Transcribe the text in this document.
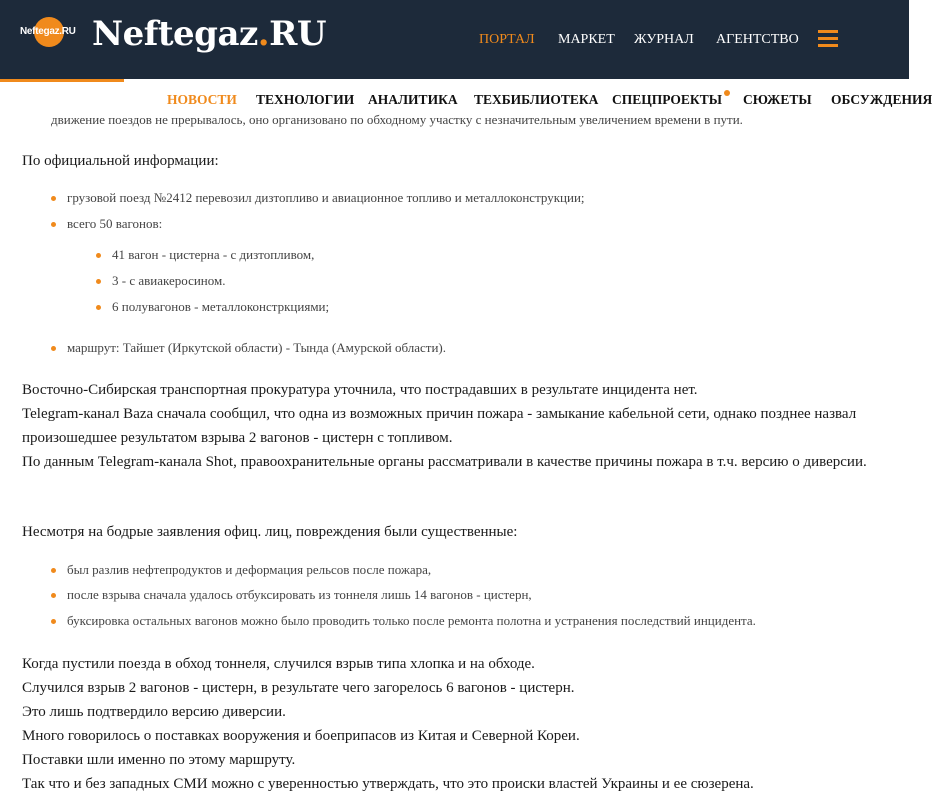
Neftegaz.RU Neftegaz.RU	ПОРТАЛ МАРКЕТ ЖУРНАЛ АГЕНТСТВО
НОВОСТИ ТЕХНОЛОГИИ АНАЛИТИКА ТЕХБИБЛИОТЕКА СПЕЦПРОЕКТЫ	СЮЖЕТЫ ОБСУЖДЕНИЯ
движение поездов не прерывалось, оно организовано по обходному участку с незначительным увеличением времени в пути.
По официальной информации:
грузовой поезд №2412 перевозил дизтопливо и авиационное топливо и металлоконструкции;
всего 50 вагонов:
41 вагон - цистерна - с дизтопливом,
3 - с авиакеросином.
6 полувагонов - металлоконстркциями;
маршрут: Тайшет (Иркутской области) - Тында (Амурской области).
Восточно-Сибирская транспортная прокуратура уточнила, что пострадавших в результате инцидента нет.
Telegram-канал Baza сначала сообщил, что одна из возможных причин пожара - замыкание кабельной сети, однако позднее назвал произошедшее результатом взрыва 2 вагонов - цистерн с топливом.
По данным Telegram-канала Shot, правоохранительные органы рассматривали в качестве причины пожара в т.ч. версию о диверсии.
Несмотря на бодрые заявления офиц. лиц, повреждения были существенные:
был разлив нефтепродуктов и деформация рельсов после пожара,
после взрыва сначала удалось отбуксировать из тоннеля лишь 14 вагонов - цистерн,
буксировка остальных вагонов можно было проводить только после ремонта полотна и устранения последствий инцидента.
Когда пустили поезда в обход тоннеля, случился взрыв типа хлопка и на обходе.
Случился взрыв 2 вагонов - цистерн, в результате чего загорелось 6 вагонов - цистерн.
Это лишь подтвердило версию диверсии.
Много говорилось о поставках вооружения и боеприпасов из Китая и Северной Кореи.
Поставки шли именно по этому маршруту.
Так что и без западных СМИ можно с уверенностью утверждать, что это происки властей Украины и ее сюзерена.
